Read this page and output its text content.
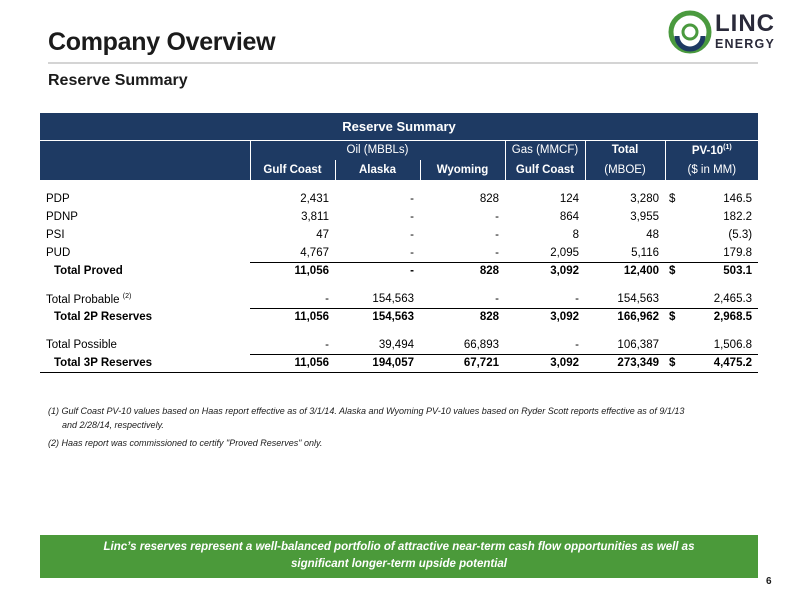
Company Overview
Reserve Summary
LINC
ENERGY
Reserve Summary						
	Oil (MBBLs)			Gas (MMCF)	Total	PV-10$^{(1)}$
	Gulf Coast	Alaska	Wyoming	Gulf Coast	(MBOE)	($ in MM)

PDP	2,431	-	828	124	3,280	$ 146.5

PDNP	3,811	-	-	864	3,955	182.2

PSI	47	-	-	8	48	(5.3)

PUD	4,767	-	-	2,095	5,116	179.8

Total Proved	11,056	-	828	3,092	12,400	$ 503.1

Total Probable $^{(2)}$	-	154,563	-	-	154,563	2,465.3

Total 2P Reserves	11,056	154,563	828	3,092	166,962	$ 2,968.5

Total Possible	-	39,494	66,893	-	106,387	1,506.8

Total 3P Reserves	11,056	194,057	67,721	3,092	273,349	$ 4,475.2
(1) Gulf Coast PV-10 values based on Haas report effective as of 3/1/14. Alaska and Wyoming PV-10 values based on Ryder Scott reports effective as of 9/1/13
and 2/28/14, respectively.
(2) Haas report was commissioned to certify "Proved Reserves" only.
Linc’s reserves represent a well-balanced portfolio of attractive near-term cash flow opportunities as well as
significant longer-term upside potential
6
